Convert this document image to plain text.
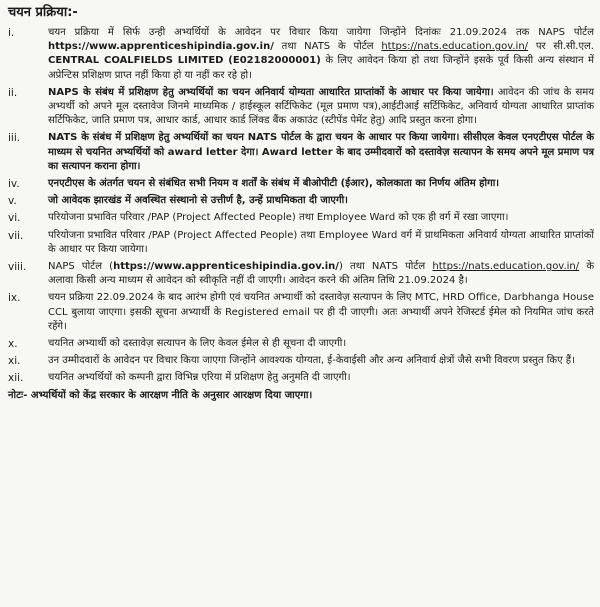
चयन प्रक्रिया:-
i.	चयन प्रक्रिया में सिर्फ उन्ही अभ्यर्थियों के आवेदन पर विचार किया जायेगा जिन्होंने दिनांकः 21.09.2024 तक NAPS पोर्टल https://www.apprenticeshipindia.gov.in/ तथा NATS के पोर्टल https://nats.education.gov.in/ पर सी.सी.एल. CENTRAL COALFIELDS LIMITED (E02182000001) के लिए आवेदन किया हो तथा जिन्होंने इसके पूर्व किसी अन्य संस्थान में अप्रेन्टिस प्रशिक्षण प्राप्त नहीं किया हो या नहीं कर रहे हो।

ii.	NAPS के संबंध में प्रशिक्षण हेतु अभ्यर्थियों का चयन अनिवार्य योग्यता आधारित प्राप्तांकों के आधार पर किया जायेगा। आवेदन की जांच के समय अभ्यर्थी को अपने मूल दस्तावेज जिनमे माध्यमिक / हाईस्कूल सर्टिफिकेट (मूल प्रमाण पत्र),आईटीआई सर्टिफिकेट, अनिवार्य योग्यता आधारित प्राप्तांक सर्टिफिकेट, जाति प्रमाण पत्र, आधार कार्ड, आधार कार्ड लिंक्ड बैंक अकाउंट (स्टीपेंड पेमेंट हेतु) आदि प्रस्तुत करना होगा।

iii.	NATS के संबंध में प्रशिक्षण हेतु अभ्यर्थियों का चयन NATS पोर्टल के द्वारा चयन के आधार पर किया जायेगा। सीसीएल केवल एनएटीएस पोर्टल के माध्यम से चयनित अभ्यर्थियों को award letter देगा। Award letter के बाद उम्मीदवारों को दस्तावेज़ सत्यापन के समय अपने मूल प्रमाण पत्र का सत्यापन कराना होगा।

iv.	एनएटीएस के अंतर्गत चयन से संबंधित सभी नियम व शर्तों के संबंध में बीओपीटी (ईआर), कोलकाता का निर्णय अंतिम होगा।

v.	जो आवेदक झारखंड में अवस्थित संस्थानो से उत्तीर्ण है, उन्हें प्राथमिकता दी जाएगी।

vi.	परियोजना प्रभावित परिवार /PAP (Project Affected People) तथा Employee Ward को एक ही वर्ग में रखा जाएगा।

vii.	परियोजना प्रभावित परिवार /PAP (Project Affected People) तथा Employee Ward वर्ग में प्राथमिकता अनिवार्य योग्यता आधारित प्राप्तांकों के आधार पर किया जायेगा।

viii.	NAPS पोर्टल (https://www.apprenticeshipindia.gov.in/) तथा NATS पोर्टल https://nats.education.gov.in/ के अलावा किसी अन्य माध्यम से आवेदन को स्वीकृति नहीं दी जाएगी। आवेदन करने की अंतिम तिथि 21.09.2024 है।

ix.	चयन प्रक्रिया 22.09.2024 के बाद आरंभ होगी एवं चयनित अभ्यार्थी को दस्तावेज़ सत्यापन के लिए MTC, HRD Office, Darbhanga House CCL बुलाया जाएगा। इसकी सूचना अभ्यार्थी के Registered email पर ही दी जाएगी। अतः अभ्यार्थी अपने रेजिस्टर्ड ईमेल को नियमित जांच करते रहेंगे।

x.	चयनित अभ्यार्थी को दस्तावेज़ सत्यापन के लिए केवल ईमेल से ही सूचना दी जाएगी।

xi.	उन उम्मीदवारों के आवेदन पर विचार किया जाएगा जिन्होंने आवश्यक योग्यता, ई-केवाईसी और अन्य अनिवार्य क्षेत्रों जैसे सभी विवरण प्रस्तुत किए हैं।

xii.	चयनित अभ्यर्थियों को कम्पनी द्वारा विभिन्न एरिया में प्रशिक्षण हेतु अनुमति दी जाएगी।

नोटः- अभ्यर्थियों को केंद्र सरकार के आरक्षण नीति के अनुसार आरक्षण दिया जाएगा।
